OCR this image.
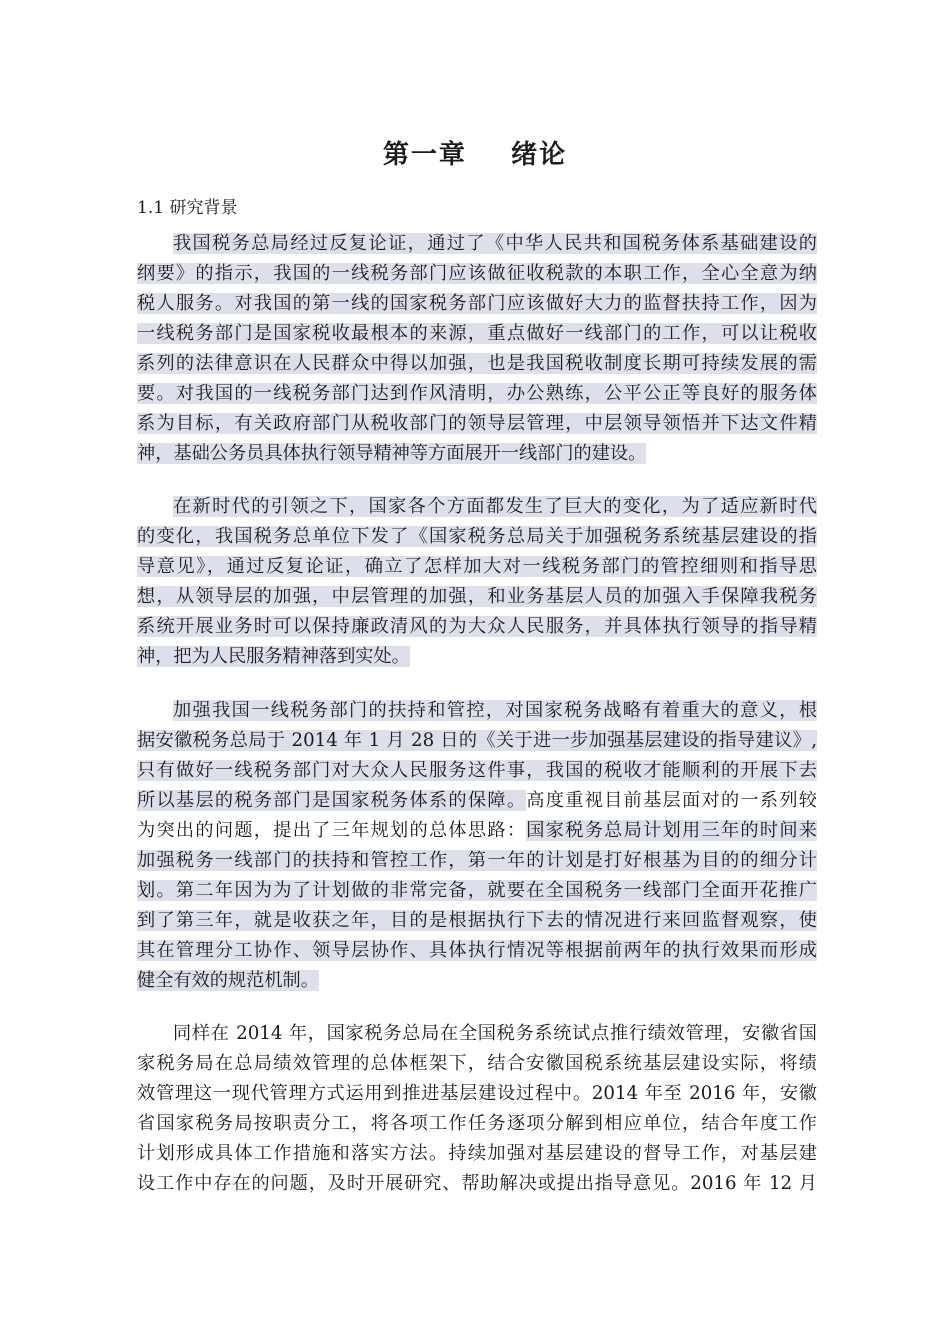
第一章    绪论
1.1 研究背景
我国税务总局经过反复论证，通过了《中华人民共和国税务体系基础建设的
纲要》的指示，我国的一线税务部门应该做征收税款的本职工作，全心全意为纳
税人服务。对我国的第一线的国家税务部门应该做好大力的监督扶持工作，因为
一线税务部门是国家税收最根本的来源，重点做好一线部门的工作，可以让税收
系列的法律意识在人民群众中得以加强，也是我国税收制度长期可持续发展的需
要。对我国的一线税务部门达到作风清明，办公熟练，公平公正等良好的服务体
系为目标，有关政府部门从税收部门的领导层管理，中层领导领悟并下达文件精
神，基础公务员具体执行领导精神等方面展开一线部门的建设。
在新时代的引领之下，国家各个方面都发生了巨大的变化，为了适应新时代
的变化，我国税务总单位下发了《国家税务总局关于加强税务系统基层建设的指
导意见》，通过反复论证，确立了怎样加大对一线税务部门的管控细则和指导思
想，从领导层的加强，中层管理的加强，和业务基层人员的加强入手保障我税务
系统开展业务时可以保持廉政清风的为大众人民服务，并具体执行领导的指导精
神，把为人民服务精神落到实处。
加强我国一线税务部门的扶持和管控，对国家税务战略有着重大的意义，根
据安徽税务总局于 2014 年 1 月 28 日的《关于进一步加强基层建设的指导建议》,
只有做好一线税务部门对大众人民服务这件事，我国的税收才能顺利的开展下去
所以基层的税务部门是国家税务体系的保障。高度重视目前基层面对的一系列较
为突出的问题，提出了三年规划的总体思路：国家税务总局计划用三年的时间来
加强税务一线部门的扶持和管控工作，第一年的计划是打好根基为目的的细分计
划。第二年因为为了计划做的非常完备，就要在全国税务一线部门全面开花推广
到了第三年，就是收获之年，目的是根据执行下去的情况进行来回监督观察，使
其在管理分工协作、领导层协作、具体执行情况等根据前两年的执行效果而形成
健全有效的规范机制。
同样在 2014 年，国家税务总局在全国税务系统试点推行绩效管理，安徽省国
家税务局在总局绩效管理的总体框架下，结合安徽国税系统基层建设实际，将绩
效管理这一现代管理方式运用到推进基层建设过程中。2014 年至 2016 年，安徽
省国家税务局按职责分工，将各项工作任务逐项分解到相应单位，结合年度工作
计划形成具体工作措施和落实方法。持续加强对基层建设的督导工作，对基层建
设工作中存在的问题，及时开展研究、帮助解决或提出指导意见。2016 年 12 月
